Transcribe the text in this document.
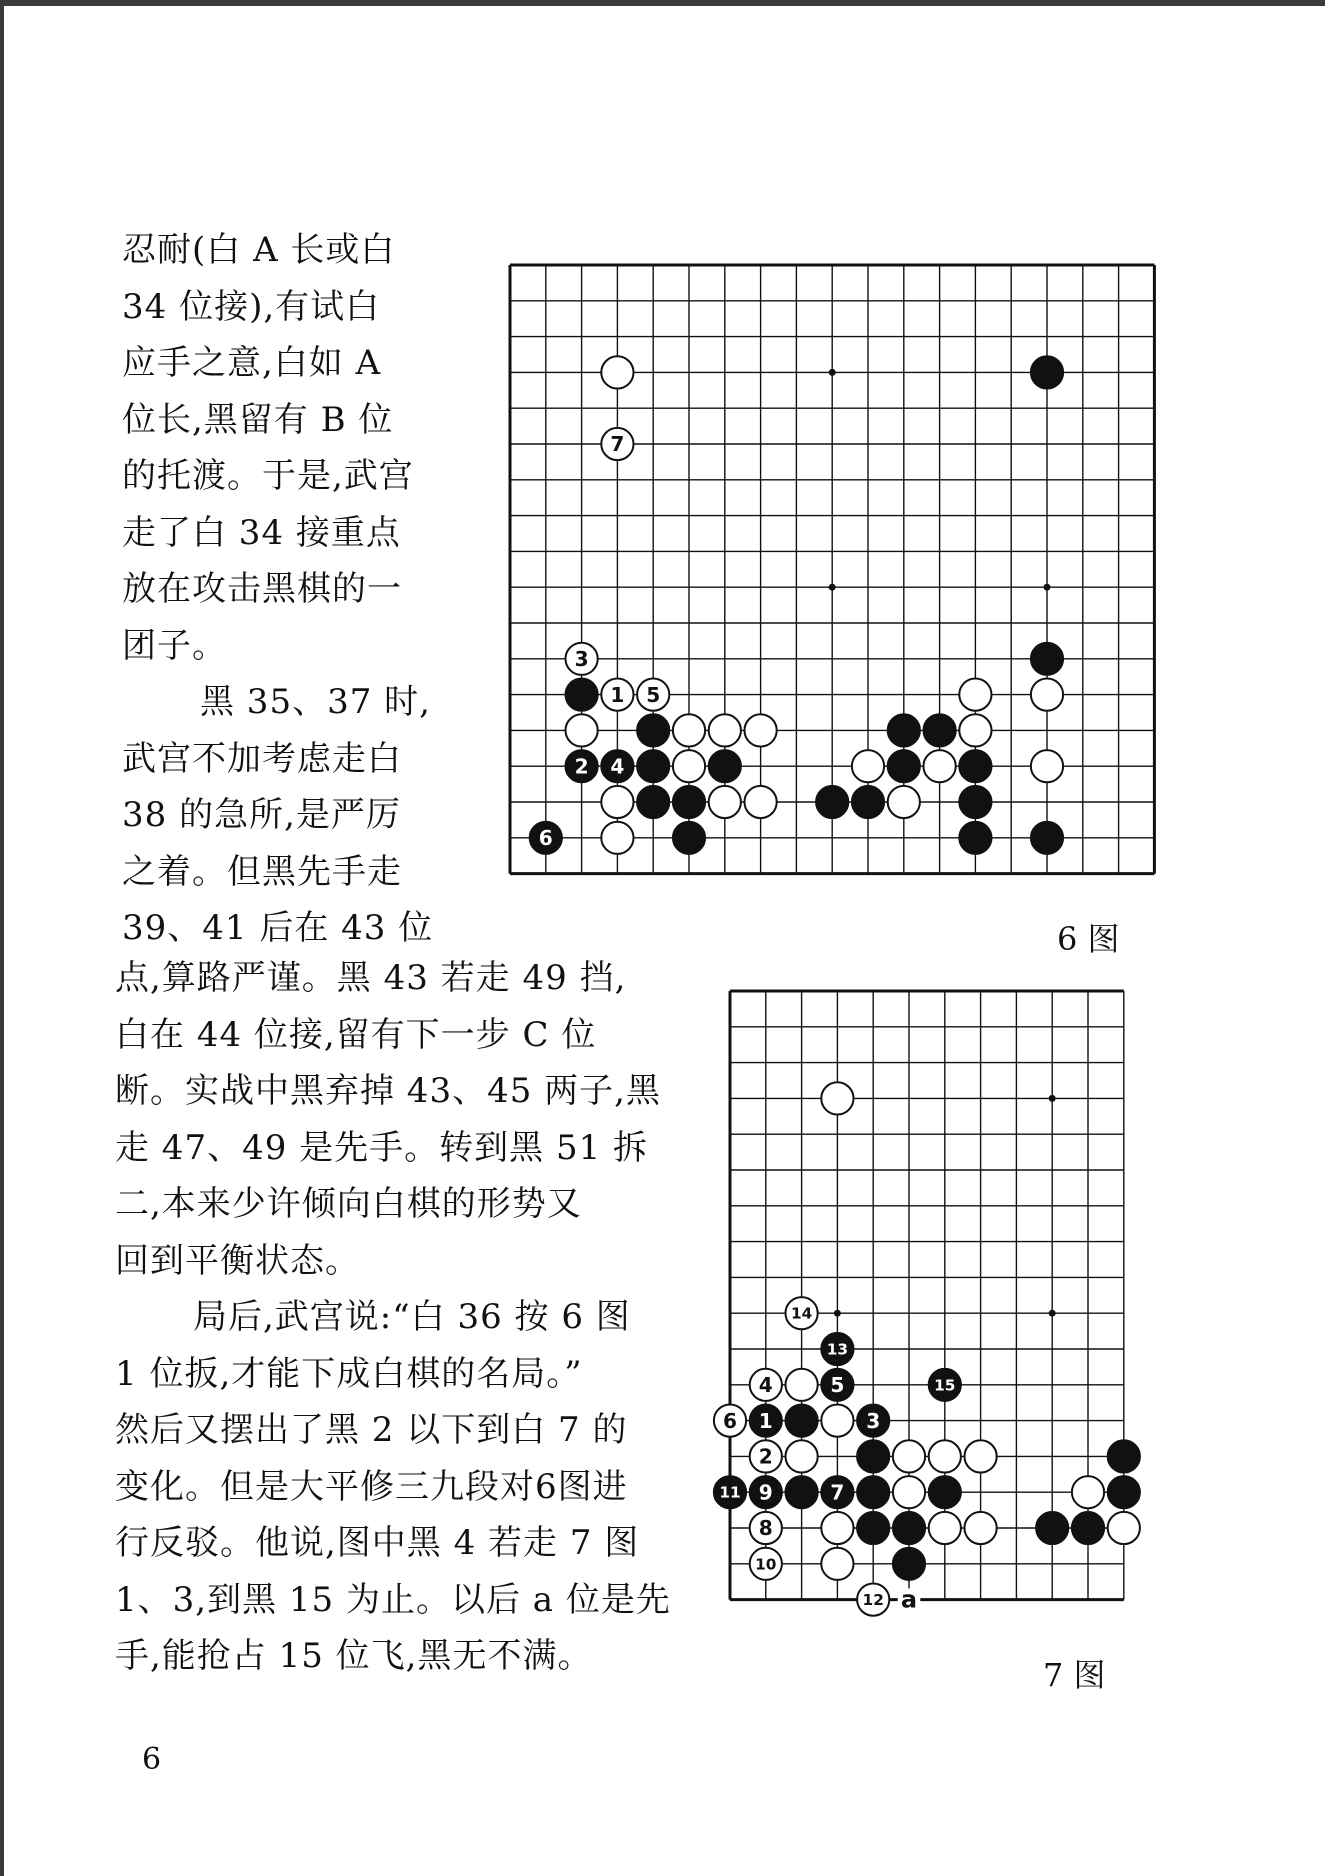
忍耐(白 A 长或白
34 位接),有试白
应手之意,白如 A
位长,黑留有 B 位
的托渡。于是,武宫
走了白 34 接重点
放在攻击黑棋的一
团子。
黑 35、37 时,
武宫不加考虑走白
38 的急所,是严厉
之着。但黑先手走
39、41 后在 43 位
点,算路严谨。黑 43 若走 49 挡,
白在 44 位接,留有下一步 C 位
断。实战中黑弃掉 43、45 两子,黑
走 47、49 是先手。转到黑 51 拆
二,本来少许倾向白棋的形势又
回到平衡状态。
局后,武宫说:“白 36 按 6 图
1 位扳,才能下成白棋的名局。”
然后又摆出了黑 2 以下到白 7 的
变化。但是大平修三九段对6图进
行反驳。他说,图中黑 4 若走 7 图
1、3,到黑 15 为止。以后 a 位是先
手,能抢占 15 位飞,黑无不满。
7
3
1 5
2 4
6
6 图
14
13
4	5	15
6 1	3
2
11 9	7
8
10
12 a
7 图
6
